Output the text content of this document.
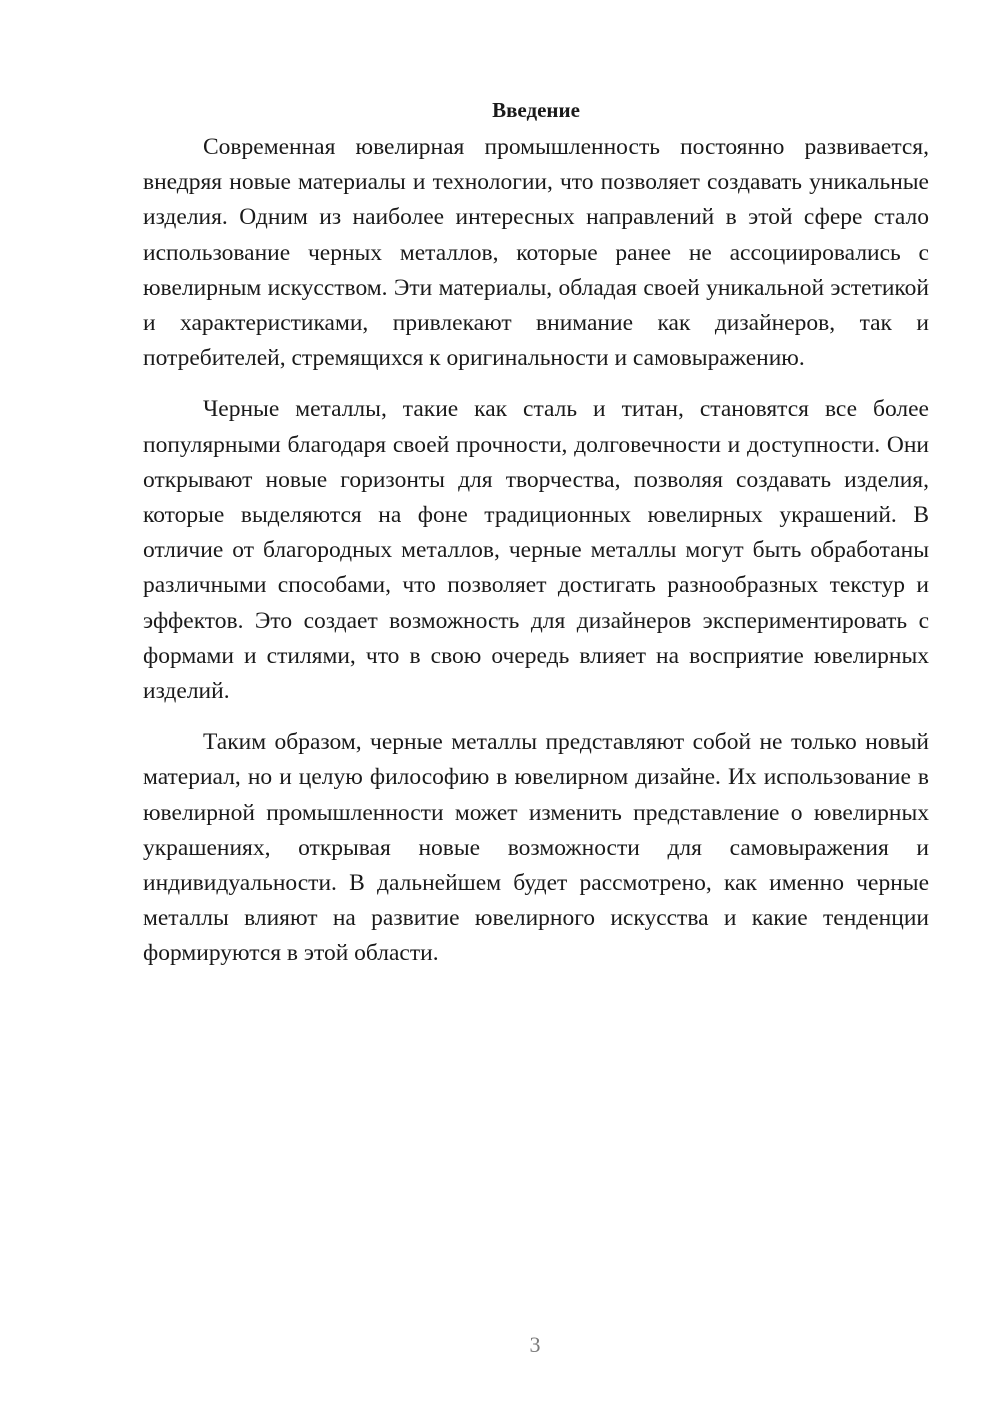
Введение

Современная ювелирная промышленность постоянно развивается, внедряя новые материалы и технологии, что позволяет создавать уникальные изделия. Одним из наиболее интересных направлений в этой сфере стало использование черных металлов, которые ранее не ассоциировались с ювелирным искусством. Эти материалы, обладая своей уникальной эстетикой и характеристиками, привлекают внимание как дизайнеров, так и потребителей, стремящихся к оригинальности и самовыражению.

Черные металлы, такие как сталь и титан, становятся все более популярными благодаря своей прочности, долговечности и доступности. Они открывают новые горизонты для творчества, позволяя создавать изделия, которые выделяются на фоне традиционных ювелирных украшений. В отличие от благородных металлов, черные металлы могут быть обработаны различными способами, что позволяет достигать разнообразных текстур и эффектов. Это создает возможность для дизайнеров экспериментировать с формами и стилями, что в свою очередь влияет на восприятие ювелирных изделий.

Таким образом, черные металлы представляют собой не только новый материал, но и целую философию в ювелирном дизайне. Их использование в ювелирной промышленности может изменить представление о ювелирных украшениях, открывая новые возможности для самовыражения и индивидуальности. В дальнейшем будет рассмотрено, как именно черные металлы влияют на развитие ювелирного искусства и какие тенденции формируются в этой области.

3
